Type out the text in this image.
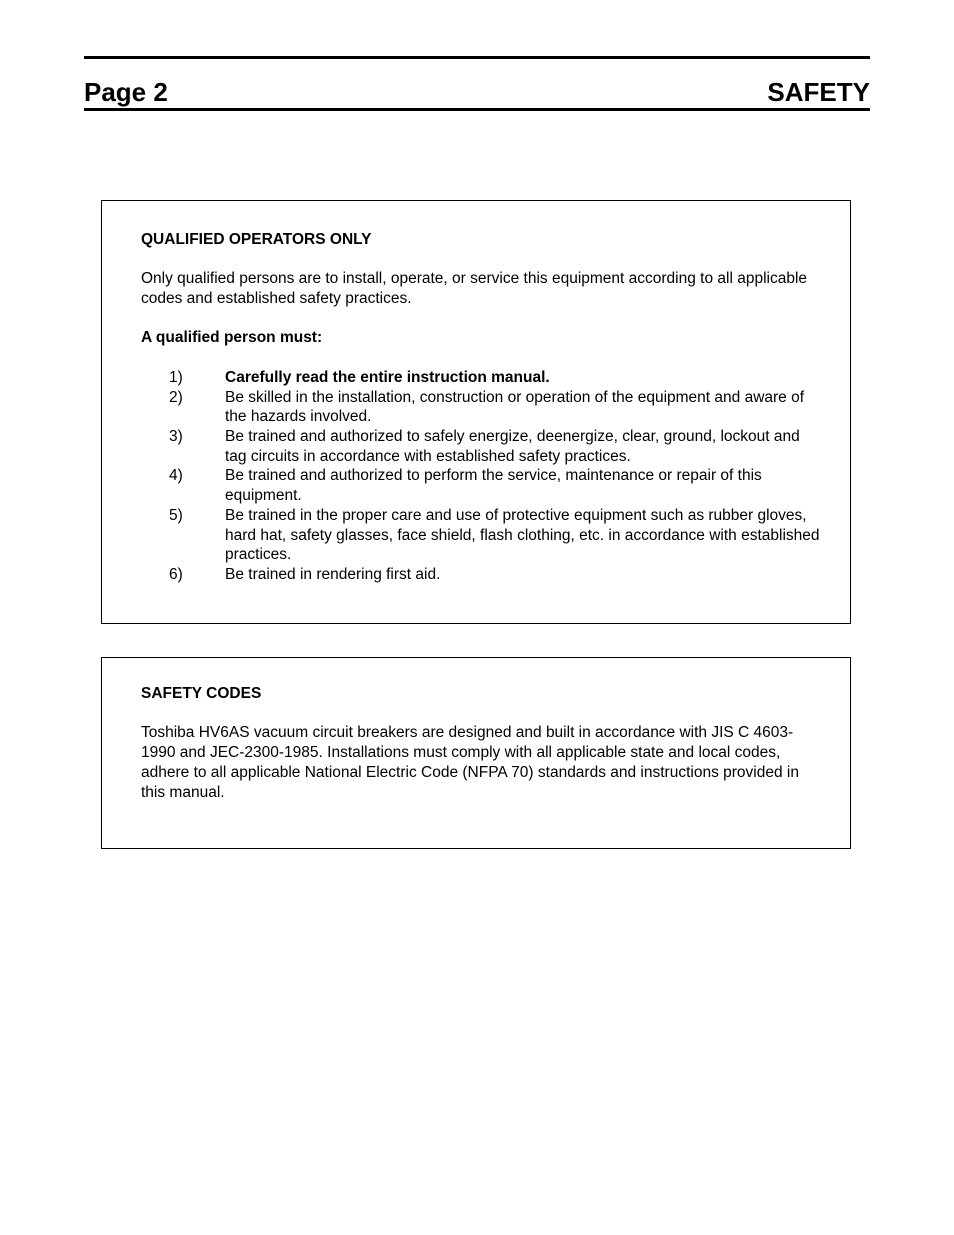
Page 2	SAFETY

QUALIFIED OPERATORS ONLY

Only qualified persons are to install, operate, or service this equipment according to all applicable codes and established safety practices.

A qualified person must:

1)	Carefully read the entire instruction manual.
2)	Be skilled in the installation, construction or operation of the equipment and aware of the hazards involved.
3)	Be trained and authorized to safely energize, deenergize, clear, ground, lockout and tag circuits in accordance with established safety practices.
4)	Be trained and authorized to perform the service, maintenance or repair of this equipment.
5)	Be trained in the proper care and use of protective equipment such as rubber gloves, hard hat, safety glasses, face shield, flash clothing, etc. in accordance with established practices.
6)	Be trained in rendering first aid.

SAFETY CODES

Toshiba HV6AS vacuum circuit breakers are designed and built in accordance with JIS C 4603-1990 and JEC-2300-1985. Installations must comply with all applicable state and local codes, adhere to all applicable National Electric Code (NFPA 70) standards and instructions provided in this manual.
